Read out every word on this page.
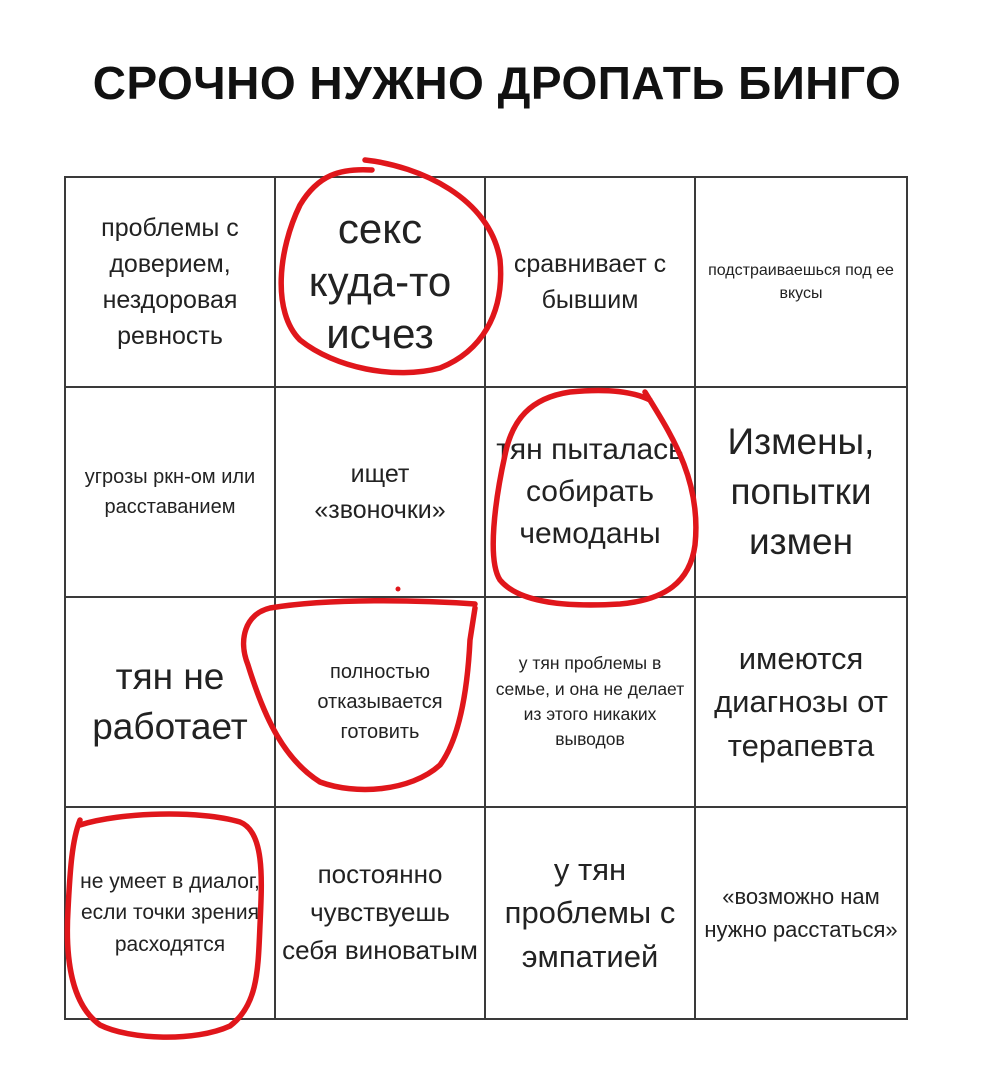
СРОЧНО НУЖНО ДРОПАТЬ БИНГО
проблемы с доверием, нездоровая ревность
секс куда-то исчез
сравнивает с бывшим
подстраиваешься под ее вкусы
угрозы ркн-ом или расставанием
ищет «звоночки»
тян пыталась собирать чемоданы
Измены, попытки измен
тян не работает
полностью отказывается готовить
у тян проблемы в семье, и она не делает из этого никаких выводов
имеются диагнозы от терапевта
не умеет в диалог, если точки зрения расходятся
постоянно чувствуешь себя виноватым
у тян проблемы с эмпатией
«возможно нам нужно расстаться»
